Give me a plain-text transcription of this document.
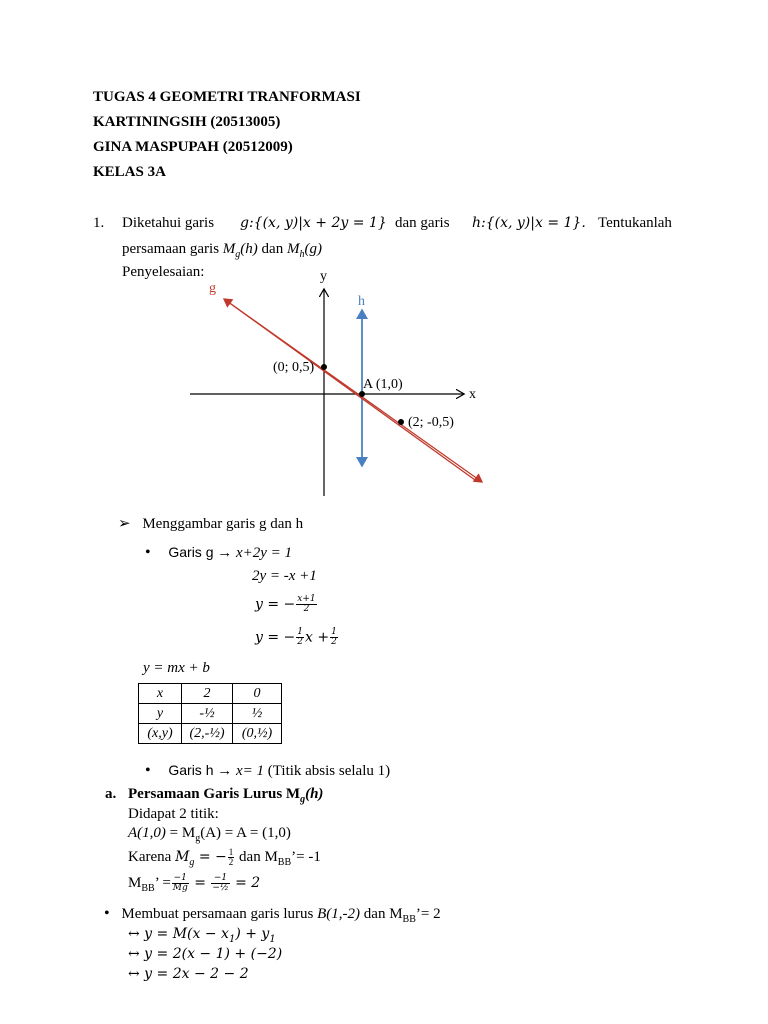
TUGAS 4 GEOMETRI TRANFORMASI
KARTININGSIH (20513005)
GINA MASPUPAH (20512009)
KELAS 3A
1. Diketahui garis g:{(x, y)|x + 2y = 1} dan garis h:{(x, y)|x = 1}. Tentukanlah
persamaan garis $M_g(h)$ dan $M_h(g)$
Penyelesaian:	y
x
g
h
(0; 0,5)
A (1,0)
(2; -0,5)
➢ Menggambar garis g dan h
• Garis g → x+2y = 1
2y = -x +1
y = − $\frac{x+1}{2}$
y = − $\frac{1}{2}$ $x + \frac{1}{2}$
y = mx + b
x	2	0
y	-½	½
(x,y)	(2,-½)	(0,½)
• Garis h → x= 1 (Titik absis selalu 1)
a. Persamaan Garis Lurus $M_g(h)$
Didapat 2 titik:
$A(1,0) = M_g(A) = A = (1,0)$
Karena $M_g$ = − $\frac{1}{2}$ dan $M_{BB}’= -1$
$M_{BB}$’ = $\frac{-1}{Mg} = \frac{-1}{\text{−½}} = 2$
• Membuat persamaan garis lurus B(1,-2) dan $M_{BB}’= 2$
↔ $y = M(x - x_1) + y_1$
↔ y = 2(x − 1) + (−2)
↔ y = 2x − 2 − 2
